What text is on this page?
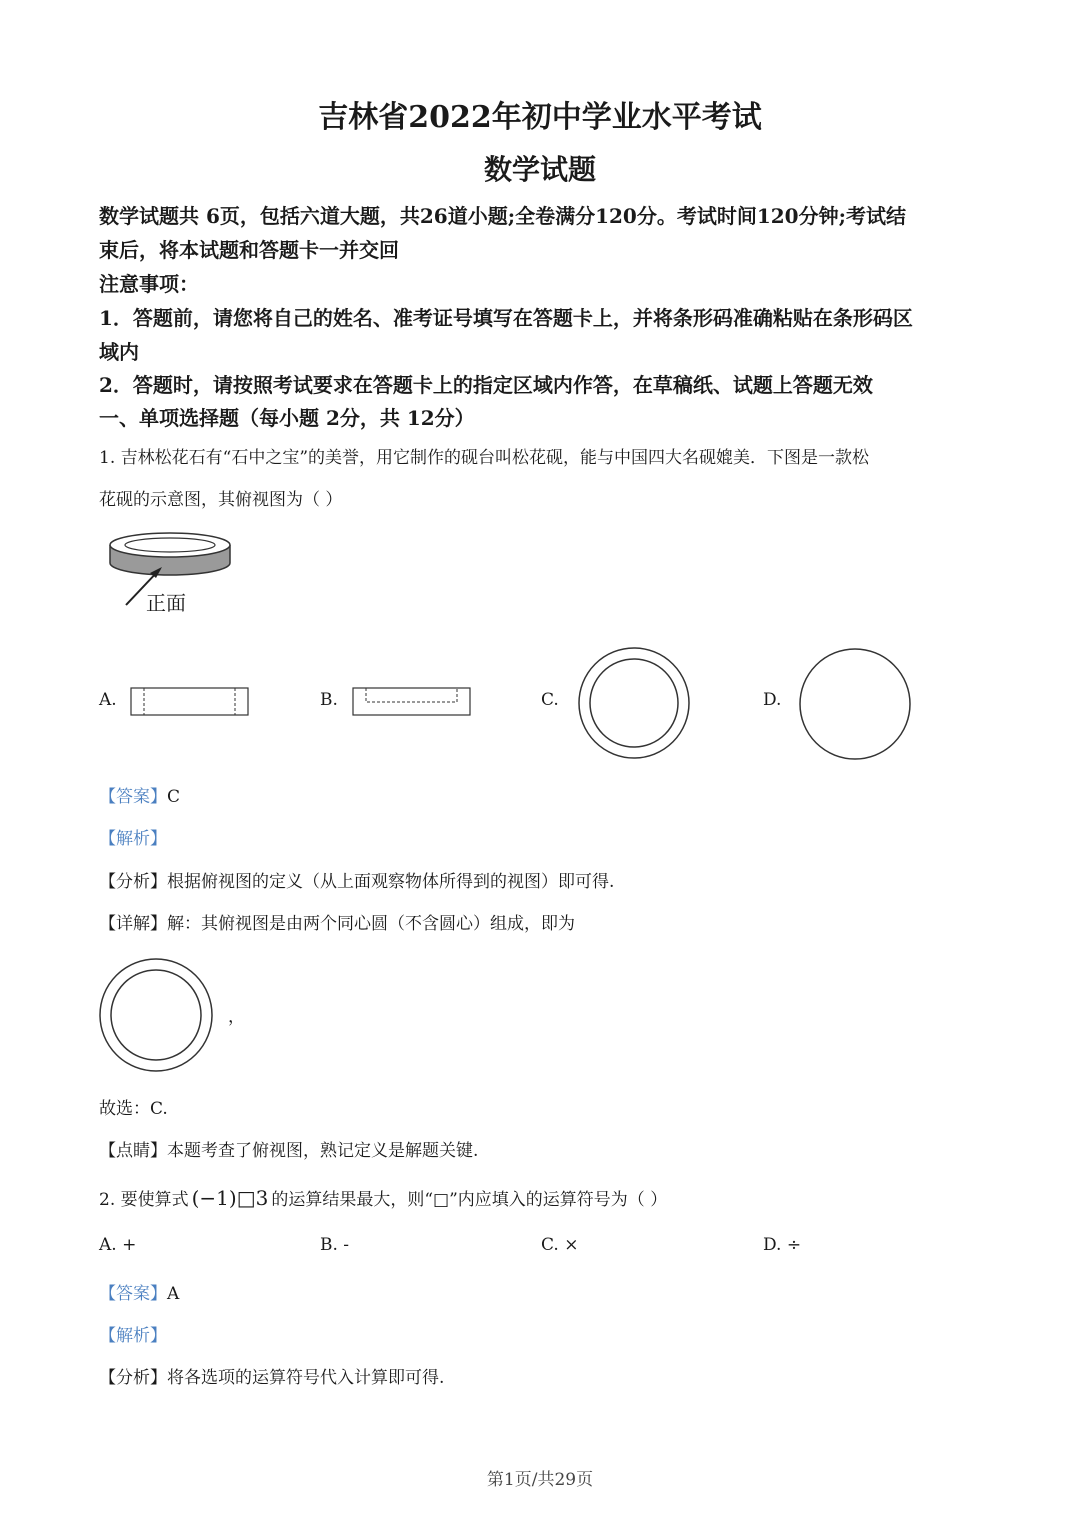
吉林省2022年初中学业水平考试
数学试题
数学试题共 6页，包括六道大题，共26道小题;全卷满分120分。考试时间120分钟;考试结
束后，将本试题和答题卡一并交回
注意事项：
1．答题前，请您将自己的姓名、准考证号填写在答题卡上，并将条形码准确粘贴在条形码区
域内
2．答题时，请按照考试要求在答题卡上的指定区域内作答，在草稿纸、试题上答题无效
一、单项选择题（每小题 2分，共 12分）
1. 吉林松花石有“石中之宝”的美誉，用它制作的砚台叫松花砚，能与中国四大名砚媲美．下图是一款松
花砚的示意图，其俯视图为（ ）
正面
A.	B.	C.	D.
【答案】C
【解析】
【分析】根据俯视图的定义（从上面观察物体所得到的视图）即可得.
【详解】解：其俯视图是由两个同心圆（不含圆心）组成，即为
，
故选：C.
【点睛】本题考查了俯视图，熟记定义是解题关键.
2. 要使算式 (−1)□3 的运算结果最大，则“□”内应填入的运算符号为（ ）
A. +	B. -	C. ×	D. ÷
【答案】A
【解析】
【分析】将各选项的运算符号代入计算即可得.
第1页/共29页
